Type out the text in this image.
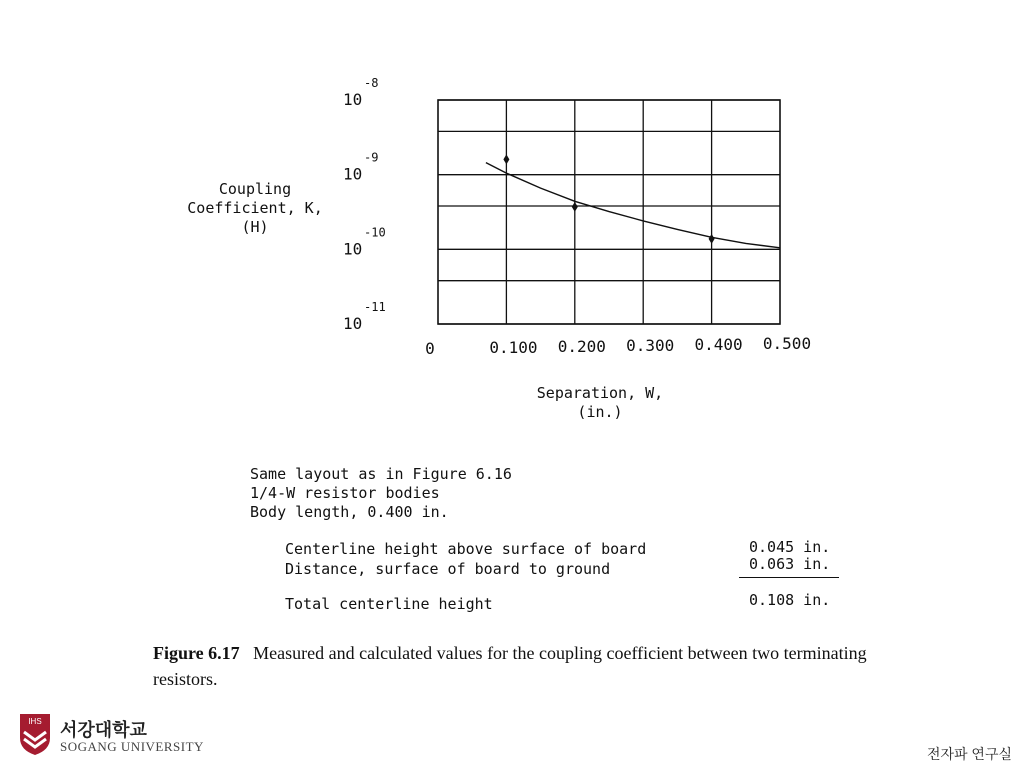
10
-8
10
-9
10
-10
10
-11
0	0.100 0.200 0.300 0.400 0.500
Coupling
Coefficient, K,
(H)
Separation, W,
(in.)
Same layout as in Figure 6.16
1/4-W resistor bodies
Body length, 0.400 in.
Centerline height above surface of board	0.045 in.
Distance, surface of board to ground	0.063 in.
Total centerline height	0.108 in.
Figure 6.17 Measured and calculated values for the coupling coefficient between two terminating resistors.
IHS 서강대학교
SOGANG UNIVERSITY	전자파 연구실
